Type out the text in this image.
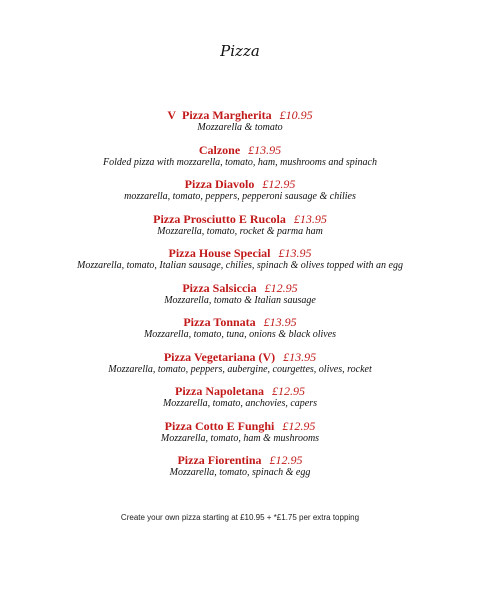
Pizza
V Pizza Margherita £10.95
Mozzarella & tomato
Calzone £13.95
Folded pizza with mozzarella, tomato, ham, mushrooms and spinach
Pizza Diavolo £12.95
mozzarella, tomato, peppers, pepperoni sausage & chilies
Pizza Prosciutto E Rucola £13.95
Mozzarella, tomato, rocket & parma ham
Pizza House Special £13.95
Mozzarella, tomato, Italian sausage, chilies, spinach & olives topped with an egg
Pizza Salsiccia £12.95
Mozzarella, tomato & Italian sausage
Pizza Tonnata £13.95
Mozzarella, tomato, tuna, onions & black olives
Pizza Vegetariana (V) £13.95
Mozzarella, tomato, peppers, aubergine, courgettes, olives, rocket
Pizza Napoletana £12.95
Mozzarella, tomato, anchovies, capers
Pizza Cotto E Funghi £12.95
Mozzarella, tomato, ham & mushrooms
Pizza Fiorentina £12.95
Mozzarella, tomato, spinach & egg
Create your own pizza starting at £10.95 + *£1.75 per extra topping
